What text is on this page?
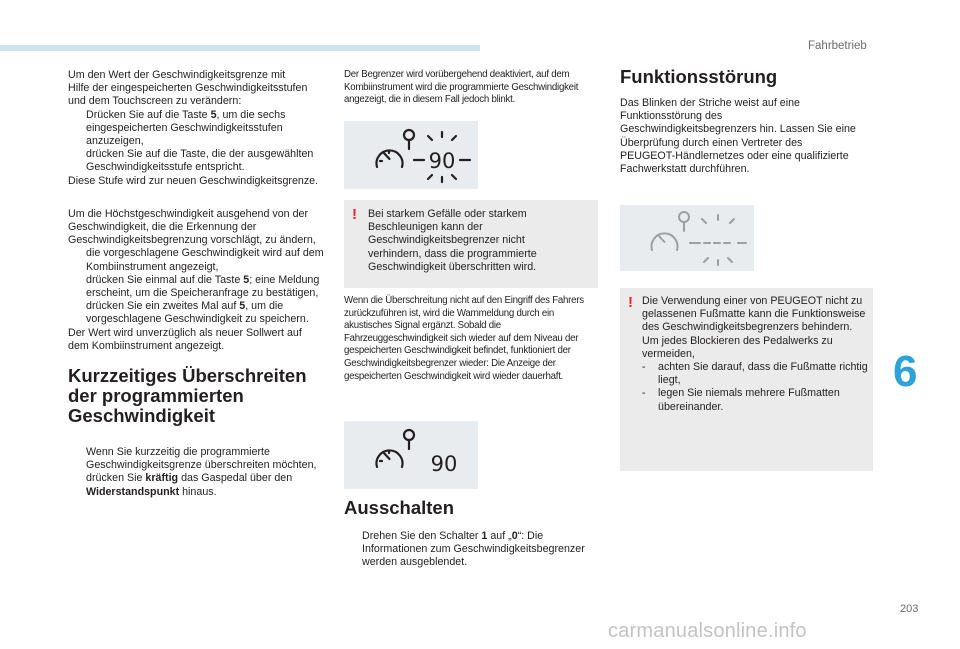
Fahrbetrieb
6
203
carmanualsonline.info

Um den Wert der Geschwindigkeitsgrenze mit
Hilfe der eingespeicherten Geschwindigkeitsstufen
und dem Touchscreen zu verändern:

Drücken Sie auf die Taste 5, um die sechs eingespeicherten Geschwindigkeitsstufen anzuzeigen,
drücken Sie auf die Taste, die der ausgewählten Geschwindigkeitsstufe entspricht.

Diese Stufe wird zur neuen Geschwindigkeitsgrenze.

Um die Höchstgeschwindigkeit ausgehend von der Geschwindigkeit, die die Erkennung der Geschwindigkeitsbegrenzung vorschlägt, zu ändern,

die vorgeschlagene Geschwindigkeit wird auf dem Kombiinstrument angezeigt,
drücken Sie einmal auf die Taste 5; eine Meldung erscheint, um die Speicheranfrage zu bestätigen,
drücken Sie ein zweites Mal auf 5, um die vorgeschlagene Geschwindigkeit zu speichern.

Der Wert wird unverzüglich als neuer Sollwert auf dem Kombiinstrument angezeigt.

Kurzzeitiges Überschreiten
der programmierten
Geschwindigkeit
Wenn Sie kurzzeitig die programmierte Geschwindigkeitsgrenze überschreiten möchten, drücken Sie kräftig das Gaspedal über den Widerstandspunkt hinaus.

Der Begrenzer wird vorübergehend deaktiviert, auf dem Kombiinstrument wird die programmierte Geschwindigkeit angezeigt, die in diesem Fall jedoch blinkt.

90
! Bei starkem Gefälle oder starkem Beschleunigen kann der Geschwindigkeitsbegrenzer nicht verhindern, dass die programmierte Geschwindigkeit überschritten wird.

Wenn die Überschreitung nicht auf den Eingriff des Fahrers zurückzuführen ist, wird die Warnmeldung durch ein akustisches Signal ergänzt. Sobald die Fahrzeuggeschwindigkeit sich wieder auf dem Niveau der gespeicherten Geschwindigkeit befindet, funktioniert der Geschwindigkeitsbegrenzer wieder: Die Anzeige der gespeicherten Geschwindigkeit wird wieder dauerhaft.

90
Ausschalten
Drehen Sie den Schalter 1 auf „0“: Die Informationen zum Geschwindigkeitsbegrenzer werden ausgeblendet.
Funktionsstörung

Das Blinken der Striche weist auf eine Funktionsstörung des Geschwindigkeitsbegrenzers hin. Lassen Sie eine Überprüfung durch einen Vertreter des PEUGEOT-Händlernetzes oder eine qualifizierte Fachwerkstatt durchführen.

! Die Verwendung einer von PEUGEOT nicht zu gelassenen Fußmatte kann die Funktionsweise des Geschwindigkeitsbegrenzers behindern. Um jedes Blockieren des Pedalwerks zu vermeiden,

- achten Sie darauf, dass die Fußmatte richtig liegt,
- legen Sie niemals mehrere Fußmatten übereinander.
